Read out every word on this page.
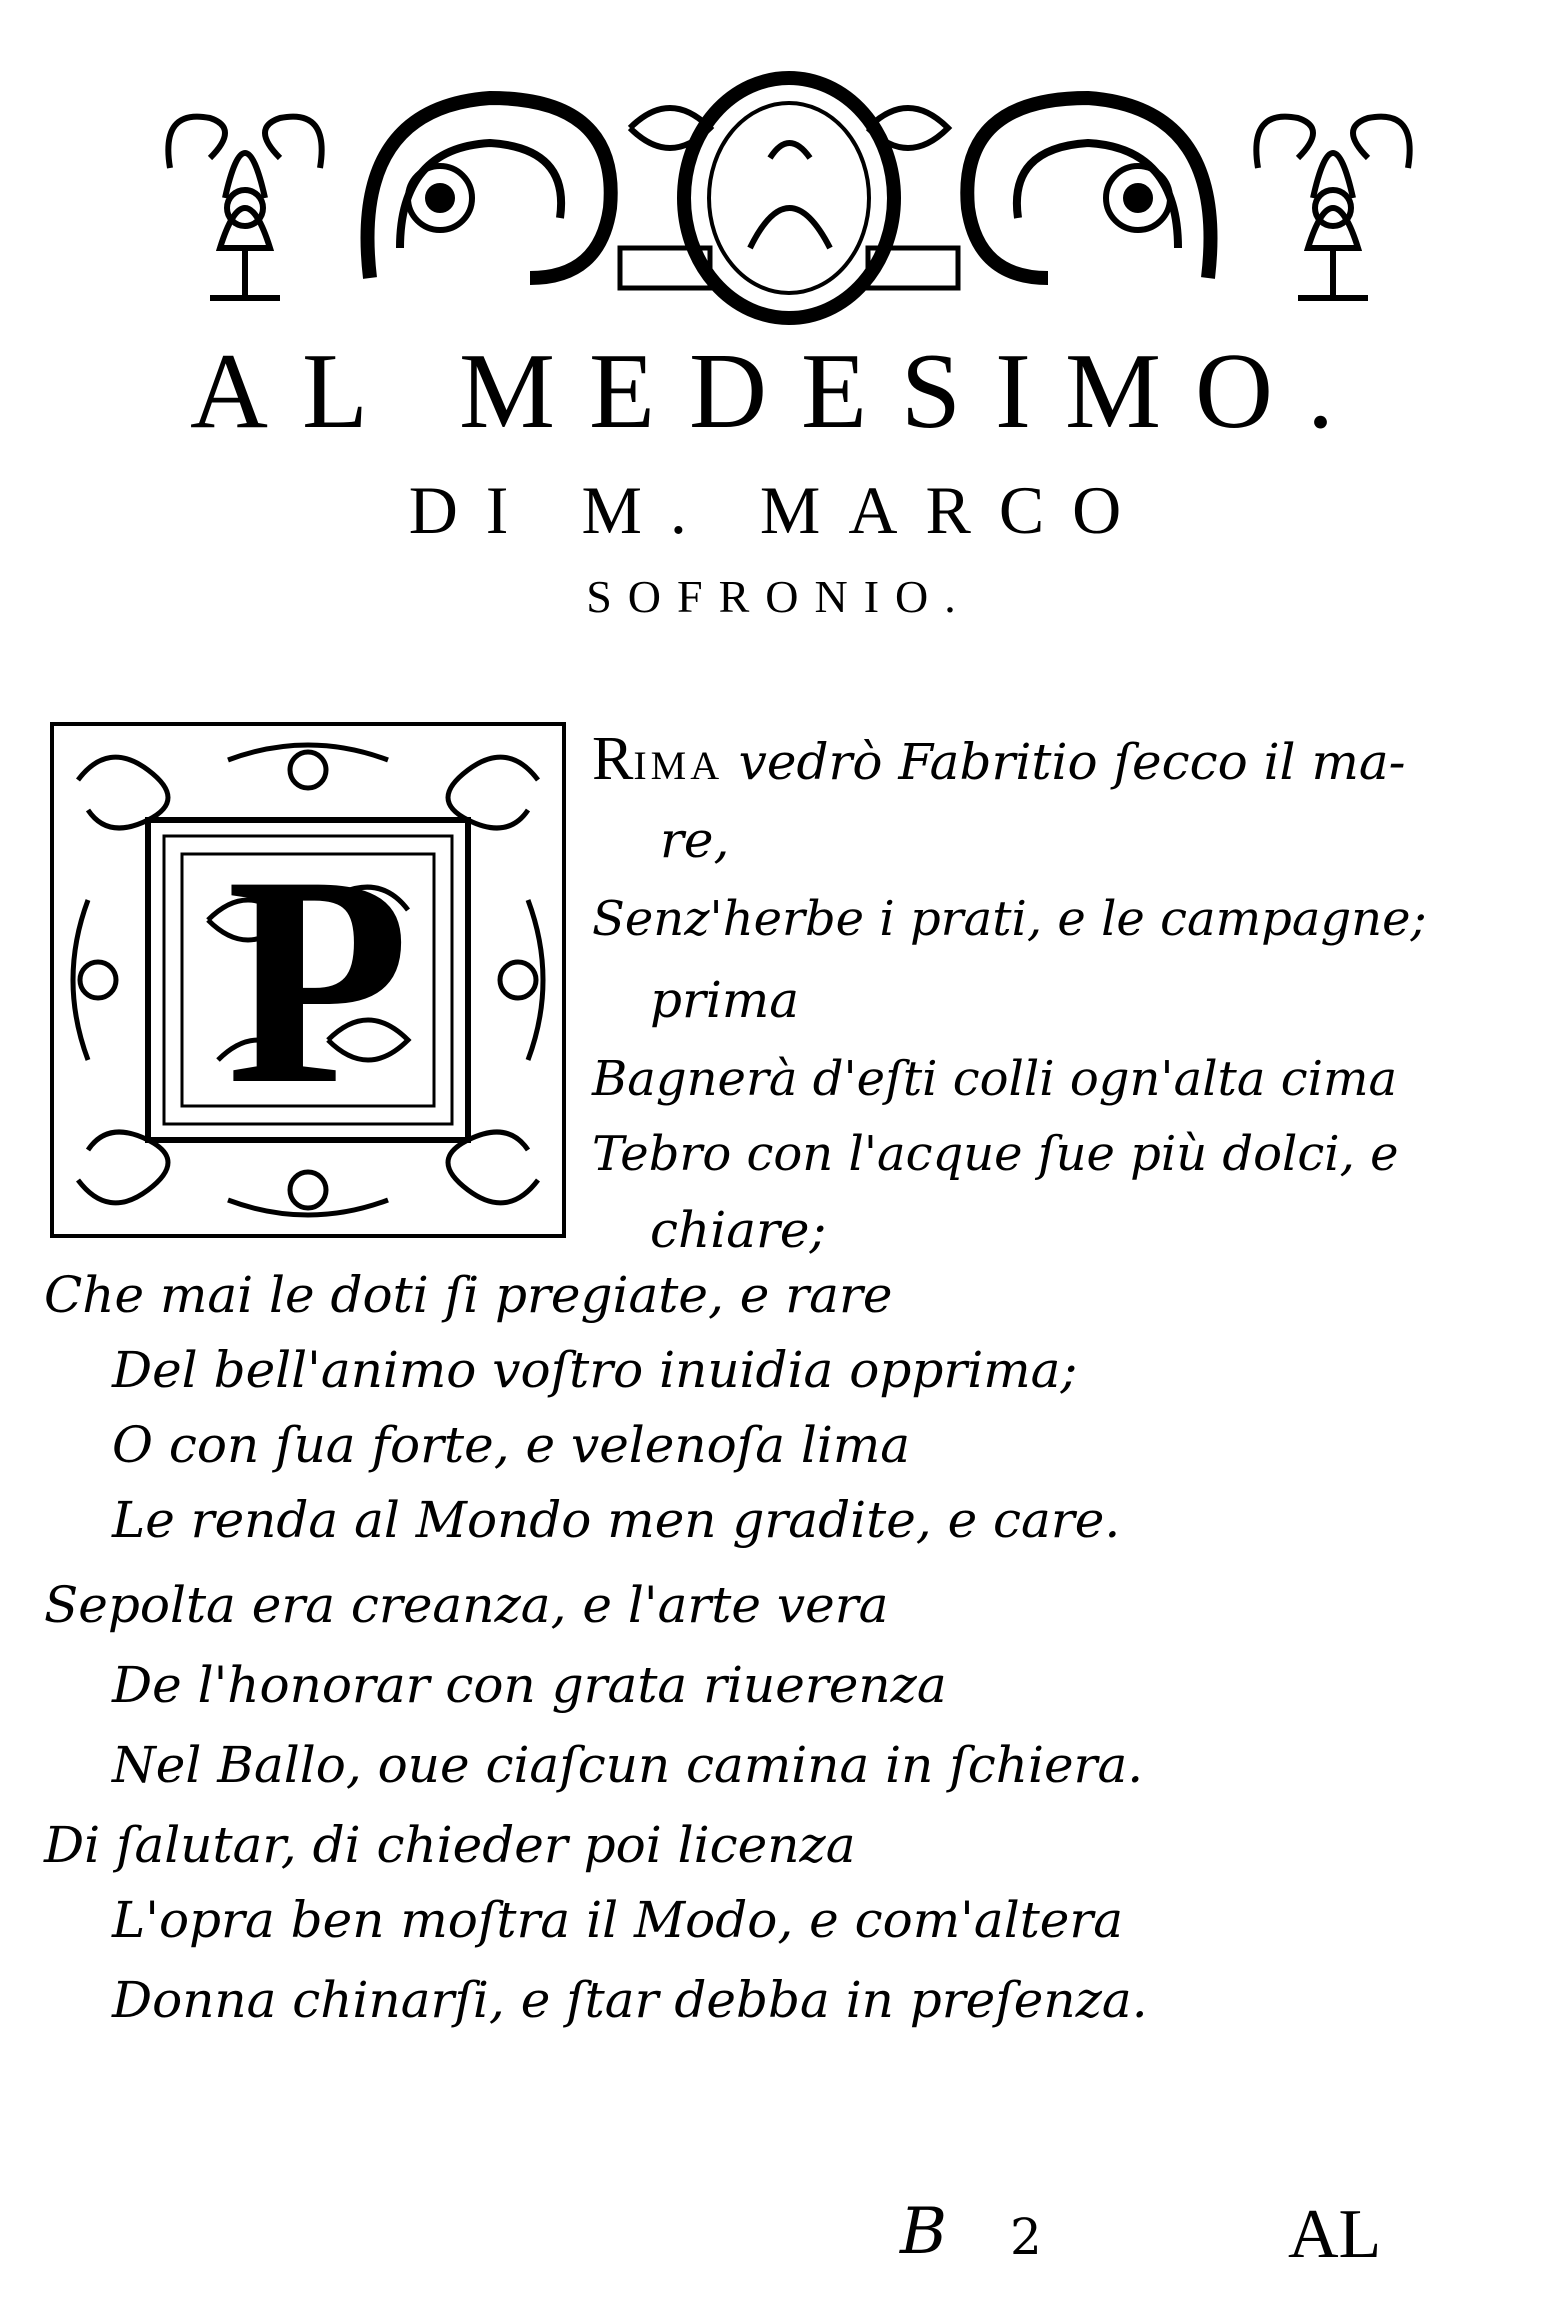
AL MEDESIMO.
DI M. MARCO
SOFRONIO.
P
RIMA vedrò Fabritio ſecco il ma-
re,
Senz'herbe i prati, e le campagne;
prima
Bagnerà d'eſti colli ogn'alta cima
Tebro con l'acque ſue più dolci, e
chiare;
Che mai le doti ſi pregiate, e rare
Del bell'animo voſtro inuidia opprima;
O con ſua forte, e velenoſa lima
Le renda al Mondo men gradite, e care.
Sepolta era creanza, e l'arte vera
De l'honorar con grata riuerenza
Nel Ballo, oue ciaſcun camina in ſchiera.
Di ſalutar, di chieder poi licenza
L'opra ben moſtra il Modo, e com'altera
Donna chinarſi, e ſtar debba in preſenza.
B 2	AL
